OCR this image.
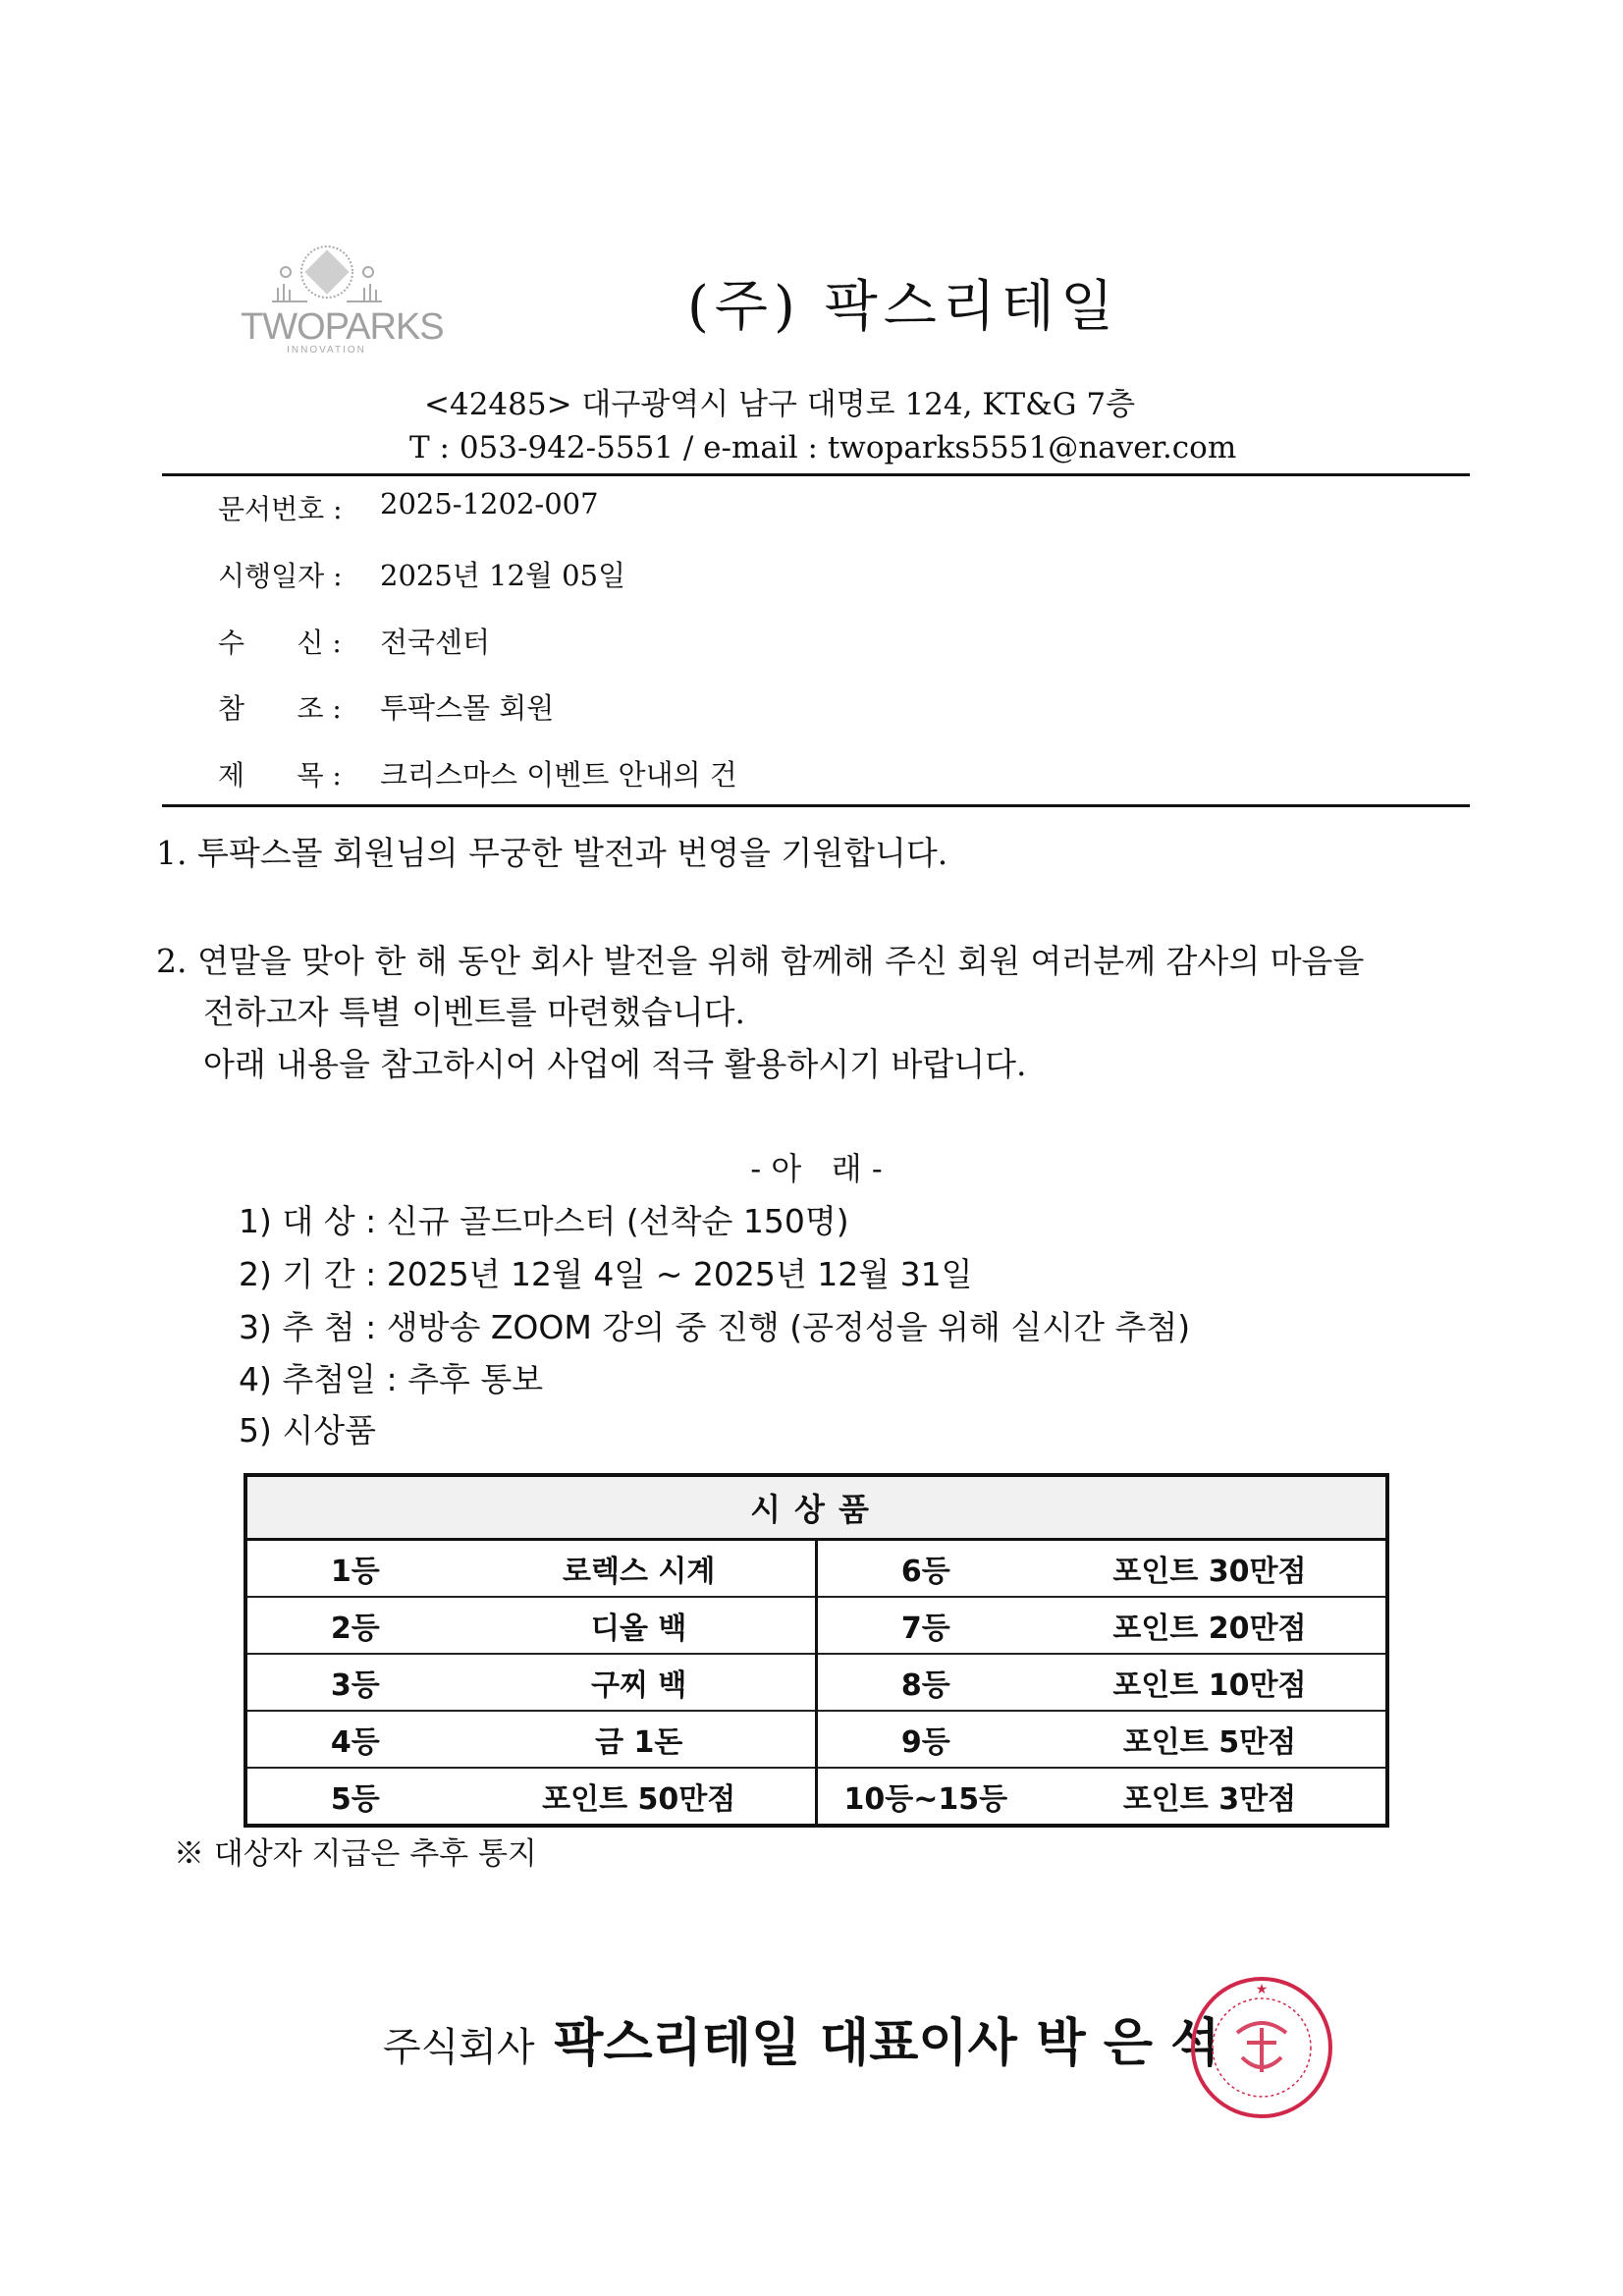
TWOPARKS
INNOVATION
(주) 팍스리테일
<42485> 대구광역시 남구 대명로 124, KT&G 7층
T : 053-942-5551 / e-mail : twoparks5551@naver.com
문서번호 : 2025-1202-007
시행일자 : 2025년 12월 05일
수      신 : 전국센터
참      조 : 투팍스몰 회원
제      목 : 크리스마스 이벤트 안내의 건
1. 투팍스몰 회원님의 무궁한 발전과 번영을 기원합니다.
2. 연말을 맞아 한 해 동안 회사 발전을 위해 함께해 주신 회원 여러분께 감사의 마음을
전하고자 특별 이벤트를 마련했습니다.
아래 내용을 참고하시어 사업에 적극 활용하시기 바랍니다.
- 아   래 -
1) 대 상 : 신규 골드마스터 (선착순 150명)
2) 기 간 : 2025년 12월 4일 ~ 2025년 12월 31일
3) 추 첨 : 생방송 ZOOM 강의 중 진행 (공정성을 위해 실시간 추첨)
4) 추첨일 : 추후 통보
5) 시상품
시상품			
1등	로렉스 시계	6등	포인트 30만점
2등	디올 백	7등	포인트 20만점
3등	구찌 백	8등	포인트 10만점
4등	금 1돈	9등	포인트 5만점
5등	포인트 50만점	10등~15등	포인트 3만점
※ 대상자 지급은 추후 통지
주식회사 팍스리테일 대표이사 박 은 석
★
